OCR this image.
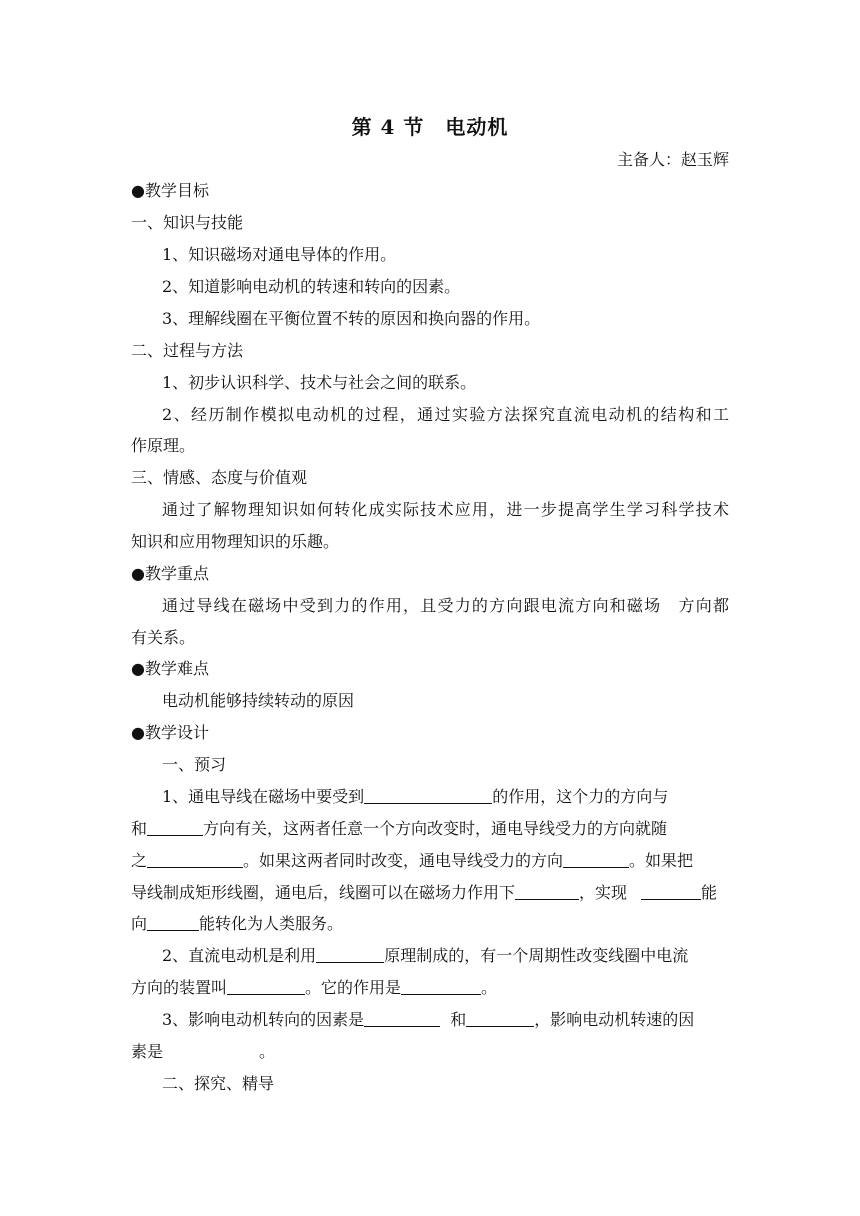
第 4 节　电动机
主备人：赵玉辉
●教学目标
一、知识与技能
1、知识磁场对通电导体的作用。
2、知道影响电动机的转速和转向的因素。
3、理解线圈在平衡位置不转的原因和换向器的作用。
二、过程与方法
1、初步认识科学、技术与社会之间的联系。
2、经历制作模拟电动机的过程，通过实验方法探究直流电动机的结构和工
作原理。
三、情感、态度与价值观
通过了解物理知识如何转化成实际技术应用，进一步提高学生学习科学技术
知识和应用物理知识的乐趣。
●教学重点
通过导线在磁场中受到力的作用，且受力的方向跟电流方向和磁场　方向都
有关系。
●教学难点
电动机能够持续转动的原因
●教学设计
一、预习
1、通电导线在磁场中要受到	的作用，这个力的方向与
和	方向有关，这两者任意一个方向改变时，通电导线受力的方向就随
之	。如果这两者同时改变，通电导线受力的方向	。如果把
导线制成矩形线圈，通电后，线圈可以在磁场力作用下	，实现	能
向	能转化为人类服务。
2、直流电动机是利用	原理制成的，有一个周期性改变线圈中电流
方向的装置叫	。它的作用是	。
3、影响电动机转向的因素是	和	，影响电动机转速的因
素是	。
二、探究、精导
